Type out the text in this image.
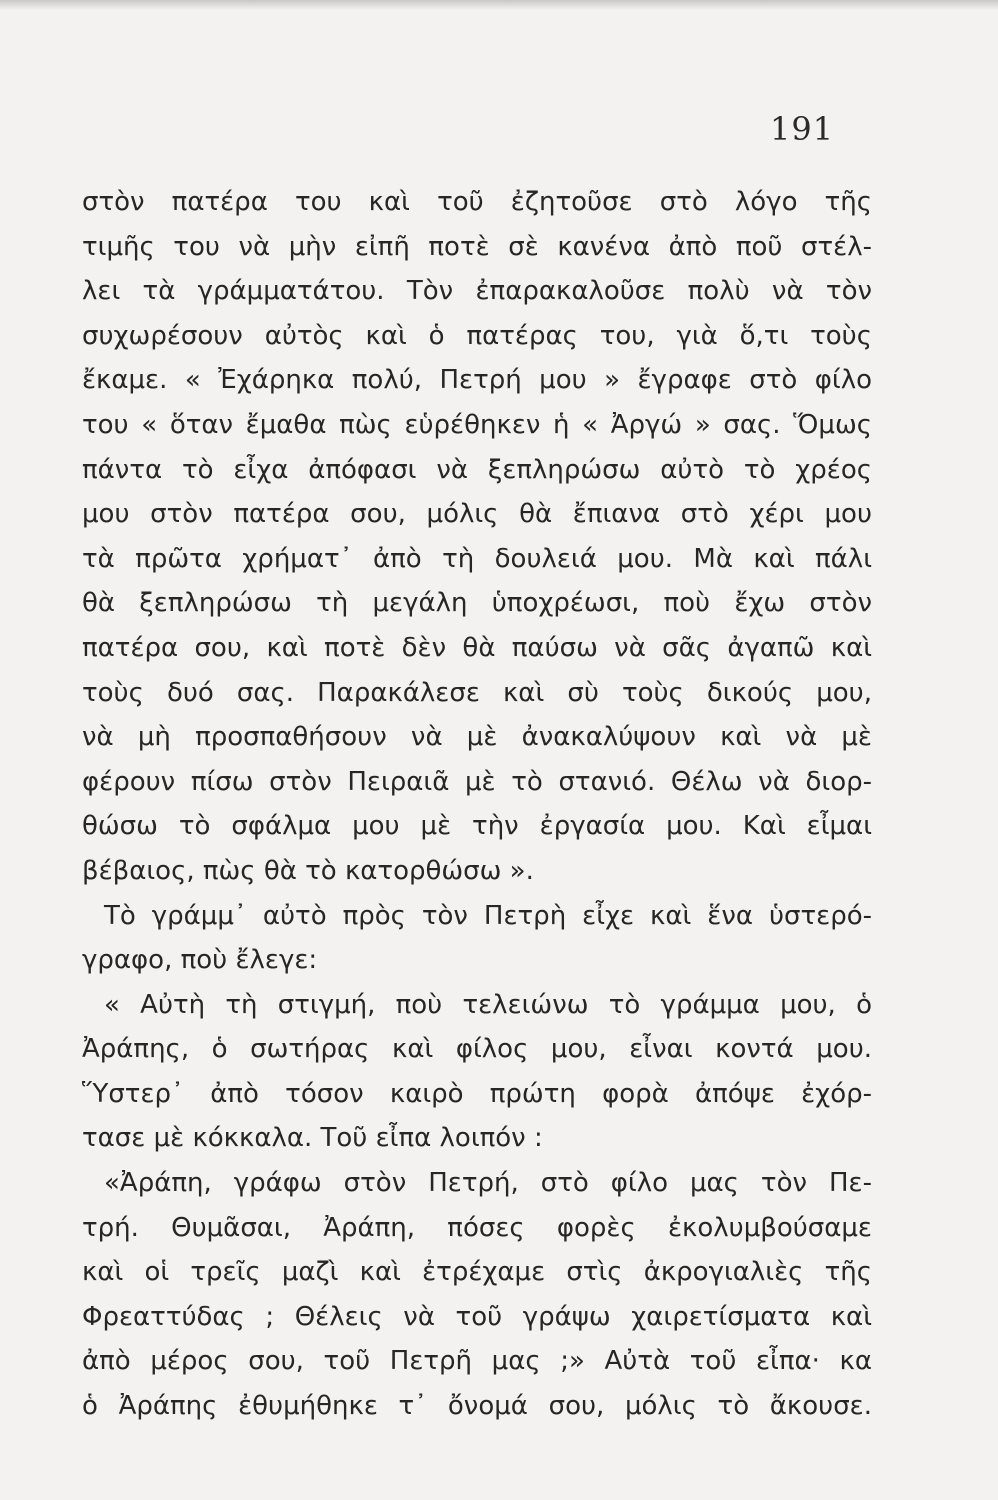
191
στὸν πατέρα του καὶ τοῦ ἐζητοῦσε στὸ λόγο τῆς
τιμῆς του νὰ μὴν εἰπῆ ποτὲ σὲ κανένα ἀπὸ ποῦ στέλ-
λει τὰ γράμματάτου. Τὸν ἐπαρακαλοῦσε πολὺ νὰ τὸν
συχωρέσουν αὐτὸς καὶ ὁ πατέρας του, γιὰ ὅ,τι τοὺς
ἔκαμε. « Ἐχάρηκα πολύ, Πετρή μου » ἔγραφε στὸ φίλο
του « ὅταν ἔμαθα πὼς εὑρέθηκεν ἡ « Ἀργώ » σας. Ὅμως
πάντα τὸ εἶχα ἀπόφασι νὰ ξεπληρώσω αὐτὸ τὸ χρέος
μου στὸν πατέρα σου, μόλις θὰ ἔπιανα στὸ χέρι μου
τὰ πρῶτα χρήματ᾽ ἀπὸ τὴ δουλειά μου. Μὰ καὶ πάλι
θὰ ξεπληρώσω τὴ μεγάλη ὑποχρέωσι, ποὺ ἔχω στὸν
πατέρα σου, καὶ ποτὲ δὲν θὰ παύσω νὰ σᾶς ἀγαπῶ καὶ
τοὺς δυό σας. Παρακάλεσε καὶ σὺ τοὺς δικούς μου,
νὰ μὴ προσπαθήσουν νὰ μὲ ἀνακαλύψουν καὶ νὰ μὲ
φέρουν πίσω στὸν Πειραιᾶ μὲ τὸ στανιό. Θέλω νὰ διορ-
θώσω τὸ σφάλμα μου μὲ τὴν ἐργασία μου. Καὶ εἶμαι
βέβαιος, πὼς θὰ τὸ κατορθώσω ».
Τὸ γράμμ᾽ αὐτὸ πρὸς τὸν Πετρὴ εἶχε καὶ ἕνα ὑστερό-
γραφο, ποὺ ἔλεγε:
« Αὐτὴ τὴ στιγμή, ποὺ τελειώνω τὸ γράμμα μου, ὁ
Ἀράπης, ὁ σωτήρας καὶ φίλος μου, εἶναι κοντά μου.
Ὕστερ᾽ ἀπὸ τόσον καιρὸ πρώτη φορὰ ἀπόψε ἐχόρ-
τασε μὲ κόκκαλα. Τοῦ εἶπα λοιπόν :
«Ἀράπη, γράφω στὸν Πετρή, στὸ φίλο μας τὸν Πε-
τρή. Θυμᾶσαι, Ἀράπη, πόσες φορὲς ἐκολυμβούσαμε
καὶ οἱ τρεῖς μαζὶ καὶ ἐτρέχαμε στὶς ἀκρογιαλιὲς τῆς
Φρεαττύδας ; Θέλεις νὰ τοῦ γράψω χαιρετίσματα καὶ
ἀπὸ μέρος σου, τοῦ Πετρῆ μας ;» Αὐτὰ τοῦ εἶπα· κα
ὁ Ἀράπης ἐθυμήθηκε τ᾽ ὄνομά σου, μόλις τὸ ἄκουσε.
